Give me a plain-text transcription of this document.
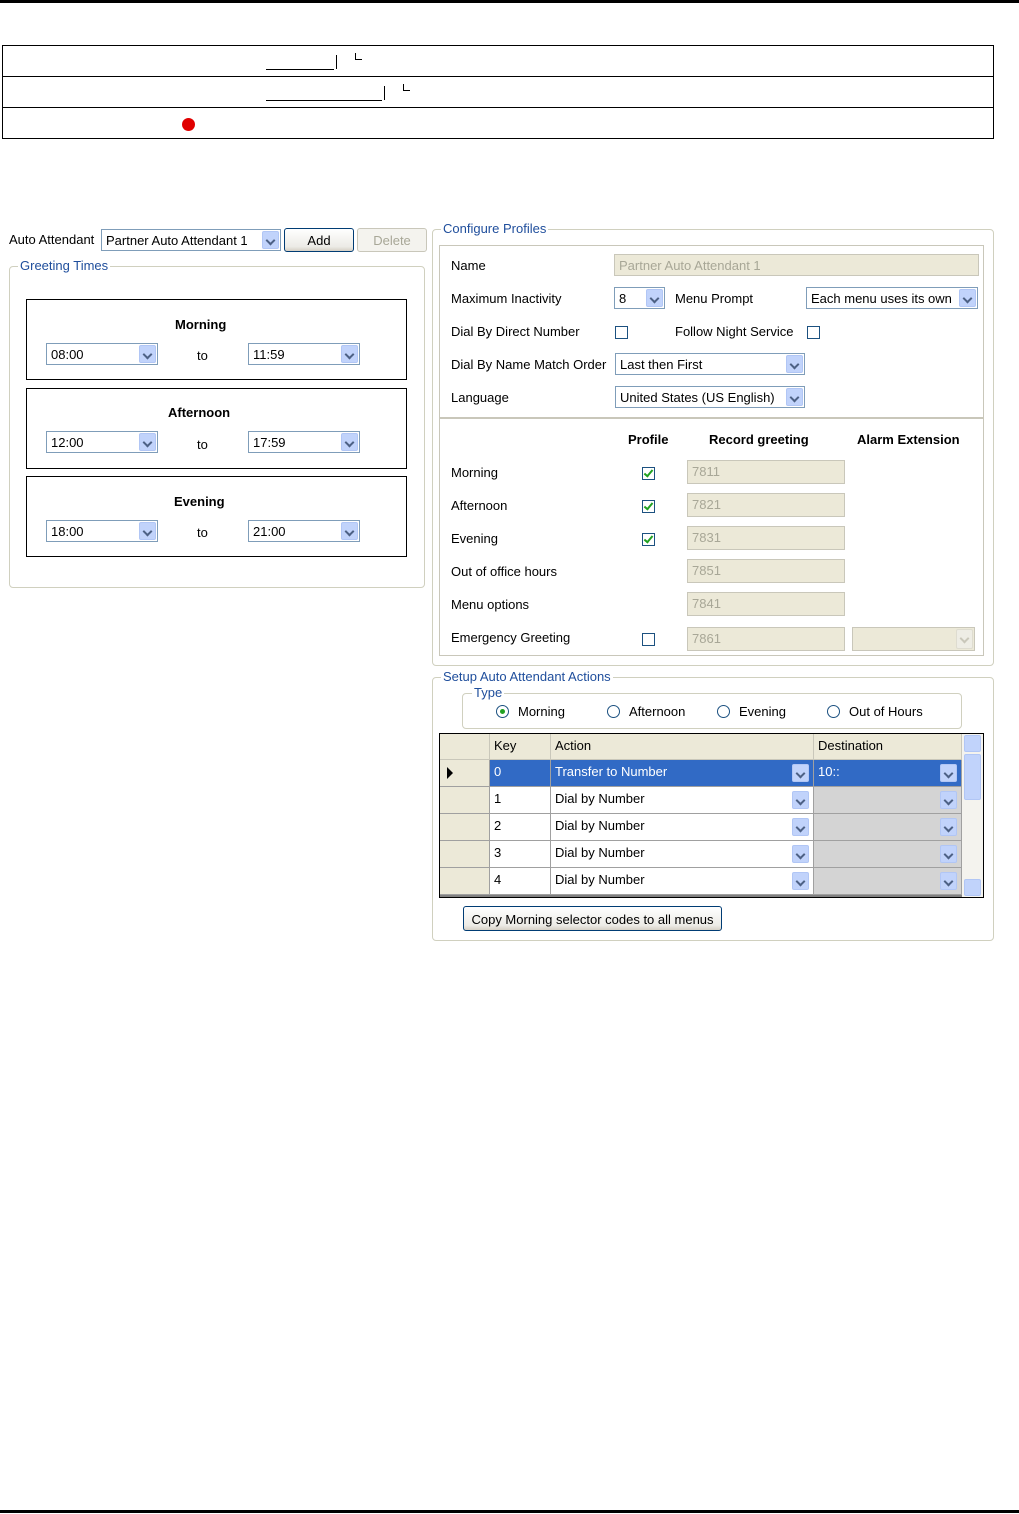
Auto Attendant Partner Auto Attendant 1	Add	Delete
Greeting Times
Morning
08:00	to	11:59
Afternoon
12:00	to	17:59
Evening
18:00	to	21:00
Configure Profiles
Name	Partner Auto Attendant 1
Maximum Inactivity	8	Menu Prompt	Each menu uses its own
Dial By Direct Number	Follow Night Service
Dial By Name Match Order Last then First
Language	United States (US English)
Profile	Record greeting	Alarm Extension
Morning	7811
Afternoon	7821
Evening	7831
Out of office hours	7851
Menu options	7841
Emergency Greeting	7861
Setup Auto Attendant Actions
Type
Morning	Afternoon	Evening	Out of Hours
Key	Action	Destination
0	Transfer to Number	10::
1	Dial by Number
2	Dial by Number
3	Dial by Number
4	Dial by Number
Copy Morning selector codes to all menus
